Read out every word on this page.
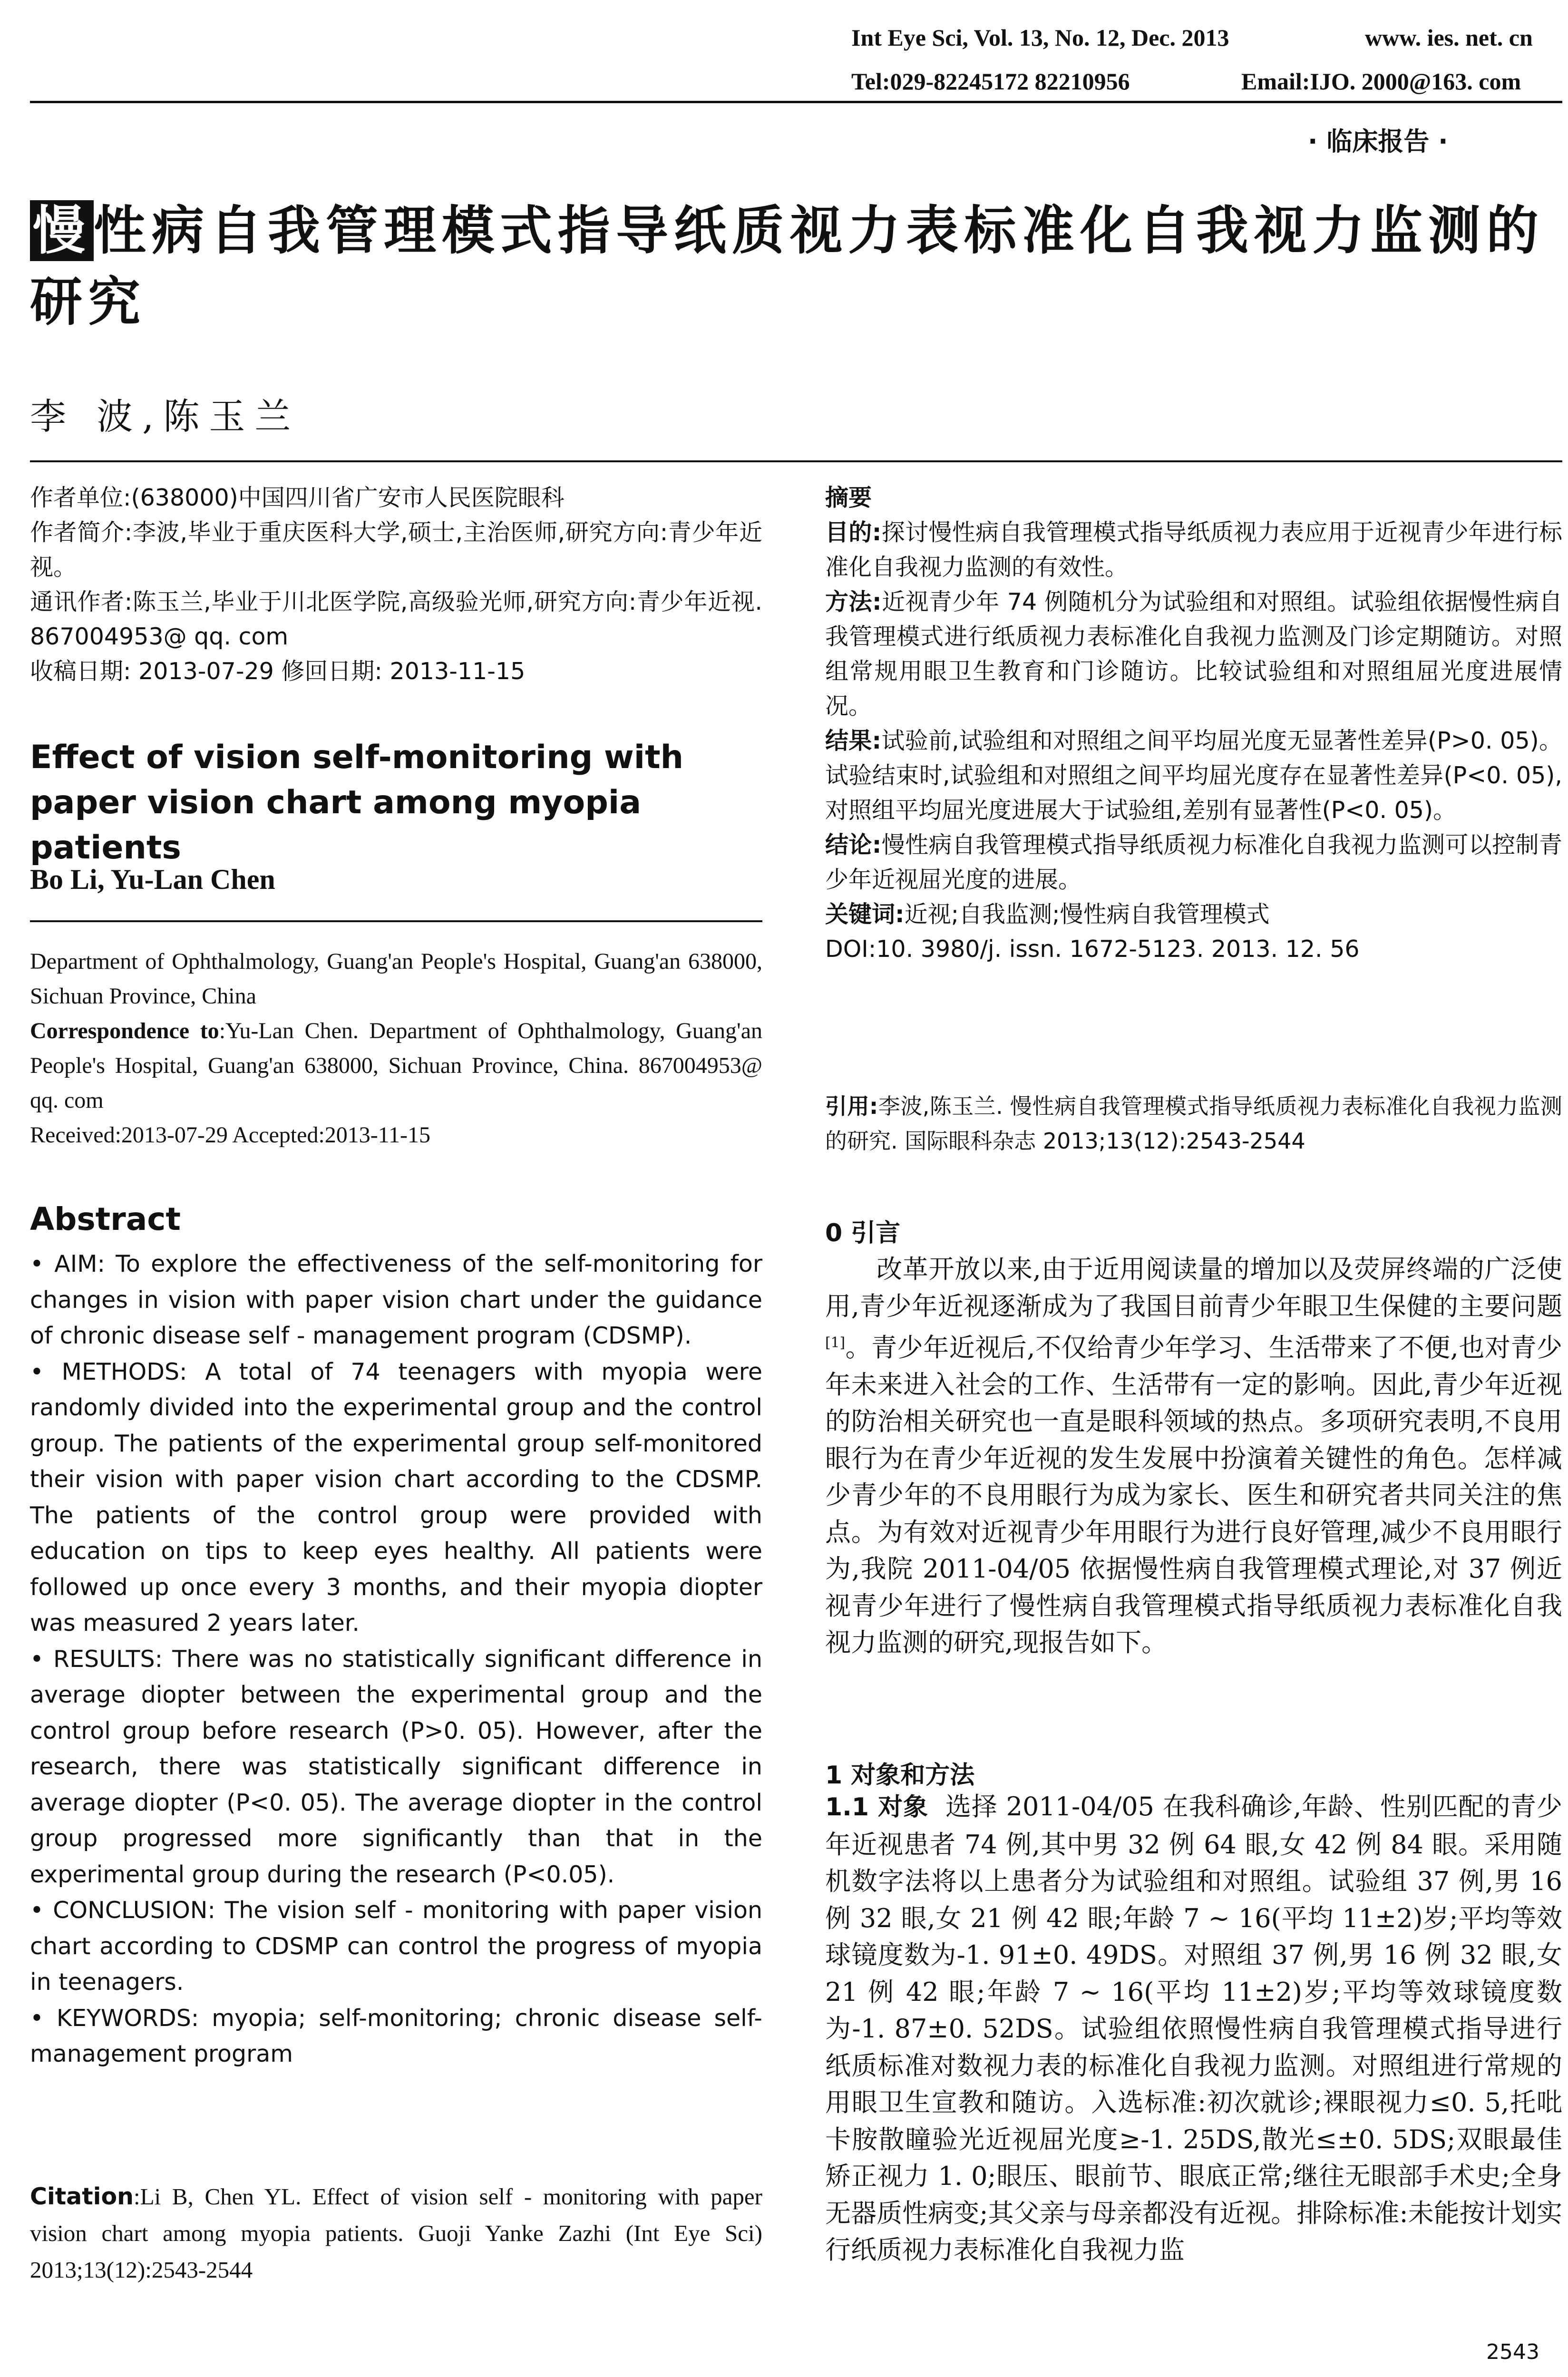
Int Eye Sci, Vol. 13, No. 12, Dec. 2013	www. ies. net. cn
Tel:029-82245172 82210956	Email:IJO. 2000@163. com
· 临床报告 ·
慢性病自我管理模式指导纸质视力表标准化自我视力监测的研究
李 波,陈玉兰

作者单位:(638000)中国四川省广安市人民医院眼科

作者简介:李波,毕业于重庆医科大学,硕士,主治医师,研究方向:青少年近视。

通讯作者:陈玉兰,毕业于川北医学院,高级验光师,研究方向:青少年近视. 867004953@ qq. com

收稿日期: 2013-07-29 修回日期: 2013-11-15

Effect of vision self-monitoring with paper vision chart among myopia patients
Bo Li, Yu-Lan Chen

Department of Ophthalmology, Guang'an People's Hospital, Guang'an 638000, Sichuan Province, China

Correspondence to:Yu-Lan Chen. Department of Ophthalmology, Guang'an People's Hospital, Guang'an 638000, Sichuan Province, China. 867004953@ qq. com

Received:2013-07-29 Accepted:2013-11-15

Abstract

• AIM: To explore the effectiveness of the self-monitoring for changes in vision with paper vision chart under the guidance of chronic disease self - management program (CDSMP).

• METHODS: A total of 74 teenagers with myopia were randomly divided into the experimental group and the control group. The patients of the experimental group self-monitored their vision with paper vision chart according to the CDSMP. The patients of the control group were provided with education on tips to keep eyes healthy. All patients were followed up once every 3 months, and their myopia diopter was measured 2 years later.

• RESULTS: There was no statistically significant difference in average diopter between the experimental group and the control group before research (P>0. 05). However, after the research, there was statistically significant difference in average diopter (P<0. 05). The average diopter in the control group progressed more significantly than that in the experimental group during the research (P<0.05).

• CONCLUSION: The vision self - monitoring with paper vision chart according to CDSMP can control the progress of myopia in teenagers.

• KEYWORDS: myopia; self-monitoring; chronic disease self-management program

Citation:Li B, Chen YL. Effect of vision self - monitoring with paper vision chart among myopia patients. Guoji Yanke Zazhi (Int Eye Sci) 2013;13(12):2543-2544

摘要

目的:探讨慢性病自我管理模式指导纸质视力表应用于近视青少年进行标准化自我视力监测的有效性。

方法:近视青少年 74 例随机分为试验组和对照组。试验组依据慢性病自我管理模式进行纸质视力表标准化自我视力监测及门诊定期随访。对照组常规用眼卫生教育和门诊随访。比较试验组和对照组屈光度进展情况。

结果:试验前,试验组和对照组之间平均屈光度无显著性差异(P>0. 05)。试验结束时,试验组和对照组之间平均屈光度存在显著性差异(P<0. 05),对照组平均屈光度进展大于试验组,差别有显著性(P<0. 05)。

结论:慢性病自我管理模式指导纸质视力标准化自我视力监测可以控制青少年近视屈光度的进展。

关键词:近视;自我监测;慢性病自我管理模式

DOI:10. 3980/j. issn. 1672-5123. 2013. 12. 56

引用:李波,陈玉兰. 慢性病自我管理模式指导纸质视力表标准化自我视力监测的研究. 国际眼科杂志 2013;13(12):2543-2544
0 引言

改革开放以来,由于近用阅读量的增加以及荧屏终端的广泛使用,青少年近视逐渐成为了我国目前青少年眼卫生保健的主要问题[1]。青少年近视后,不仅给青少年学习、生活带来了不便,也对青少年未来进入社会的工作、生活带有一定的影响。因此,青少年近视的防治相关研究也一直是眼科领域的热点。多项研究表明,不良用眼行为在青少年近视的发生发展中扮演着关键性的角色。怎样减少青少年的不良用眼行为成为家长、医生和研究者共同关注的焦点。为有效对近视青少年用眼行为进行良好管理,减少不良用眼行为,我院 2011-04/05 依据慢性病自我管理模式理论,对 37 例近视青少年进行了慢性病自我管理模式指导纸质视力表标准化自我视力监测的研究,现报告如下。

1 对象和方法

1.1 对象 选择 2011-04/05 在我科确诊,年龄、性别匹配的青少年近视患者 74 例,其中男 32 例 64 眼,女 42 例 84 眼。采用随机数字法将以上患者分为试验组和对照组。试验组 37 例,男 16 例 32 眼,女 21 例 42 眼;年龄 7 ~ 16(平均 11±2)岁;平均等效球镜度数为-1. 91±0. 49DS。对照组 37 例,男 16 例 32 眼,女 21 例 42 眼;年龄 7 ~ 16(平均 11±2)岁;平均等效球镜度数为-1. 87±0. 52DS。试验组依照慢性病自我管理模式指导进行纸质标准对数视力表的标准化自我视力监测。对照组进行常规的用眼卫生宣教和随访。入选标准:初次就诊;裸眼视力≤0. 5,托吡卡胺散瞳验光近视屈光度≥-1. 25DS,散光≤±0. 5DS;双眼最佳矫正视力 1. 0;眼压、眼前节、眼底正常;继往无眼部手术史;全身无器质性病变;其父亲与母亲都没有近视。排除标准:未能按计划实行纸质视力表标准化自我视力监

2543
